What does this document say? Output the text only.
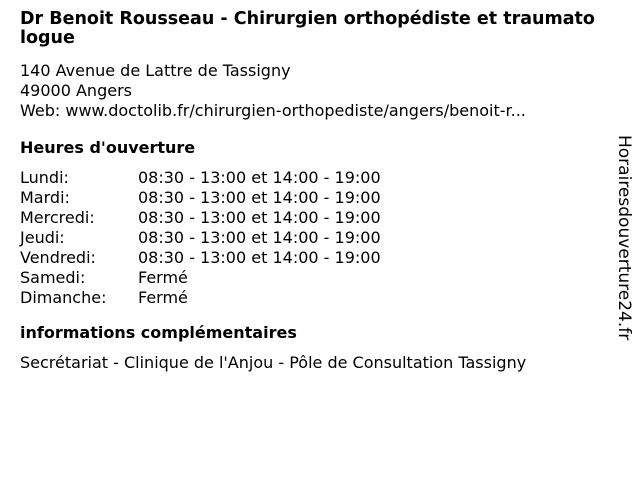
Dr Benoit Rousseau - Chirurgien orthopédiste et traumatologue
140 Avenue de Lattre de Tassigny
49000 Angers
Web: www.doctolib.fr/chirurgien-orthopediste/angers/benoit-r...
Heures d'ouverture
Lundi:	08:30 - 13:00 et 14:00 - 19:00
Mardi:	08:30 - 13:00 et 14:00 - 19:00
Mercredi:	08:30 - 13:00 et 14:00 - 19:00
Jeudi:	08:30 - 13:00 et 14:00 - 19:00
Vendredi:	08:30 - 13:00 et 14:00 - 19:00
Samedi:	Fermé
Dimanche:	Fermé
informations complémentaires
Secrétariat - Clinique de l'Anjou - Pôle de Consultation Tassigny
Horairesdouverture24.fr
